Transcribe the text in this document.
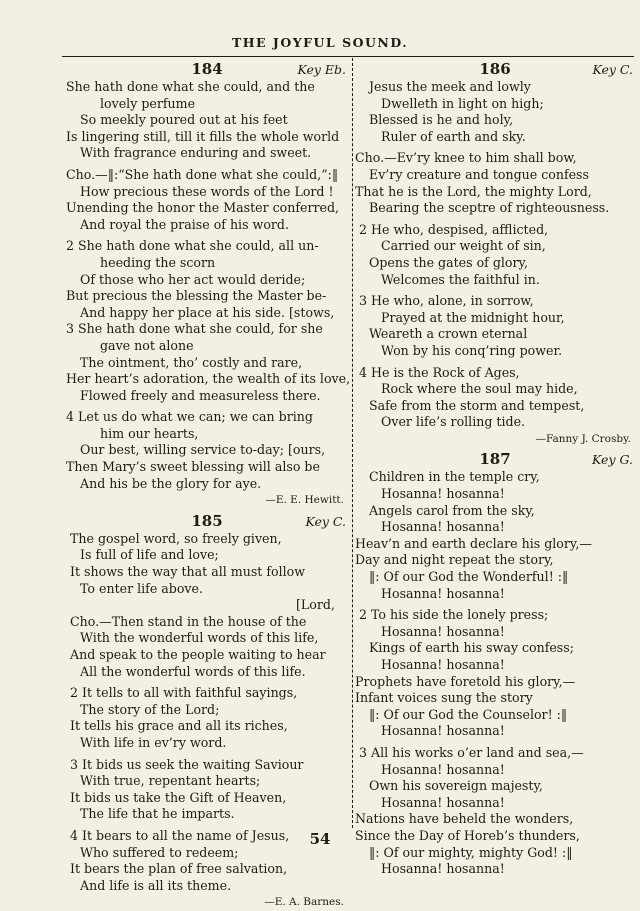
THE JOYFUL SOUND.
184	Key Eb.
She hath done what she could, and the
lovely perfume
So meekly poured out at his feet
Is lingering still, till it fills the whole world
With fragrance enduring and sweet.
Cho.—‖:“She hath done what she could,”:‖
How precious these words of the Lord !
Unending the honor the Master conferred,
And royal the praise of his word.
2 She hath done what she could, all un-
heeding the scorn
Of those who her act would deride;
But precious the blessing the Master be-
And happy her place at his side. [stows,
3 She hath done what she could, for she
gave not alone
The ointment, tho’ costly and rare,
Her heart’s adoration, the wealth of its love,
Flowed freely and measureless there.
4 Let us do what we can; we can bring
him our hearts,
Our best, willing service to-day; [ours,
Then Mary’s sweet blessing will also be
And his be the glory for aye.
—E. E. Hewitt.
185	Key C.
The gospel word, so freely given,
Is full of life and love;
It shows the way that all must follow
To enter life above.
[Lord,
Cho.—Then stand in the house of the
With the wonderful words of this life,
And speak to the people waiting to hear
All the wonderful words of this life.
2 It tells to all with faithful sayings,
The story of the Lord;
It tells his grace and all its riches,
With life in ev’ry word.
3 It bids us seek the waiting Saviour
With true, repentant hearts;
It bids us take the Gift of Heaven,
The life that he imparts.
4 It bears to all the name of Jesus,
Who suffered to redeem;
It bears the plan of free salvation,
And life is all its theme.
—E. A. Barnes.
186	Key C.
Jesus the meek and lowly
Dwelleth in light on high;
Blessed is he and holy,
Ruler of earth and sky.
Cho.—Ev’ry knee to him shall bow,
Ev’ry creature and tongue confess
That he is the Lord, the mighty Lord,
Bearing the sceptre of righteousness.
2 He who, despised, afflicted,
Carried our weight of sin,
Opens the gates of glory,
Welcomes the faithful in.
3 He who, alone, in sorrow,
Prayed at the midnight hour,
Weareth a crown eternal
Won by his conq’ring power.
4 He is the Rock of Ages,
Rock where the soul may hide,
Safe from the storm and tempest,
Over life’s rolling tide.
—Fanny J. Crosby.
187	Key G.
Children in the temple cry,
Hosanna! hosanna!
Angels carol from the sky,
Hosanna! hosanna!
Heav’n and earth declare his glory,—
Day and night repeat the story,
‖: Of our God the Wonderful! :‖
Hosanna! hosanna!
2 To his side the lonely press;
Hosanna! hosanna!
Kings of earth his sway confess;
Hosanna! hosanna!
Prophets have foretold his glory,—
Infant voices sung the story
‖: Of our God the Counselor! :‖
Hosanna! hosanna!
3 All his works o’er land and sea,—
Hosanna! hosanna!
Own his sovereign majesty,
Hosanna! hosanna!
Nations have beheld the wonders,
Since the Day of Horeb’s thunders,
‖: Of our mighty, mighty God! :‖
Hosanna! hosanna!
54
